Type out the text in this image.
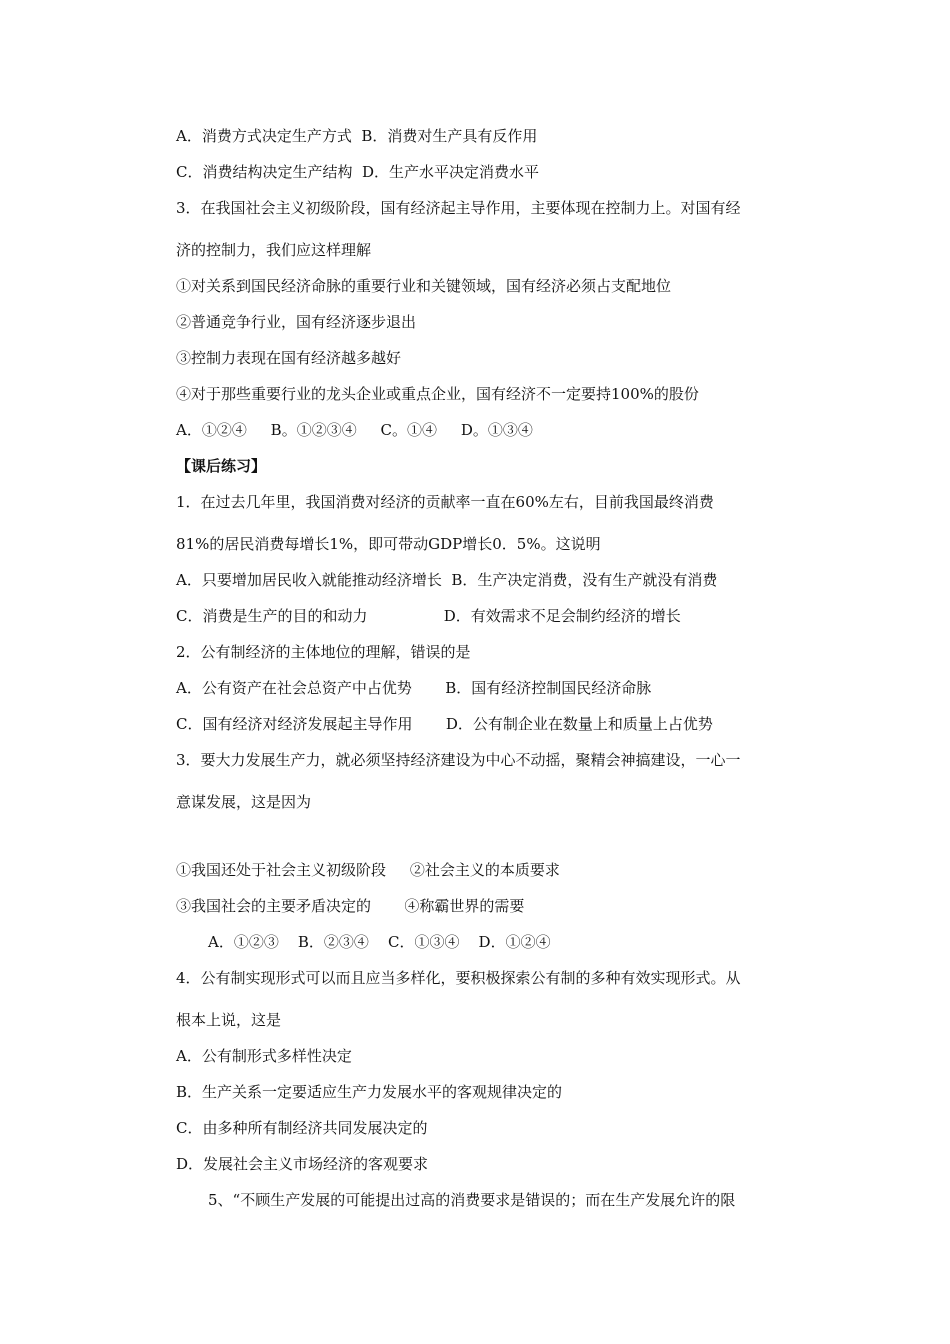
A．消费方式决定生产方式  B．消费对生产具有反作用
C．消费结构决定生产结构  D．生产水平决定消费水平
3．在我国社会主义初级阶段，国有经济起主导作用，主要体现在控制力上。对国有经
济的控制力，我们应这样理解
①对关系到国民经济命脉的重要行业和关键领域，国有经济必须占支配地位
②普通竞争行业，国有经济逐步退出
③控制力表现在国有经济越多越好
④对于那些重要行业的龙头企业或重点企业，国有经济不一定要持100%的股份
A．①②④     B。①②③④     C。①④     D。①③④
【课后练习】
1．在过去几年里，我国消费对经济的贡献率一直在60%左右，目前我国最终消费
81%的居民消费每增长1%，即可带动GDP增长0．5%。这说明
A．只要增加居民收入就能推动经济增长  B．生产决定消费，没有生产就没有消费
C．消费是生产的目的和动力                D．有效需求不足会制约经济的增长
2．公有制经济的主体地位的理解，错误的是
A．公有资产在社会总资产中占优势       B．国有经济控制国民经济命脉
C．国有经济对经济发展起主导作用       D．公有制企业在数量上和质量上占优势
3．要大力发展生产力，就必须坚持经济建设为中心不动摇，聚精会神搞建设，一心一
意谋发展，这是因为
①我国还处于社会主义初级阶段     ②社会主义的本质要求
③我国社会的主要矛盾决定的       ④称霸世界的需要
A．①②③    B．②③④    C．①③④    D．①②④
4．公有制实现形式可以而且应当多样化，要积极探索公有制的多种有效实现形式。从
根本上说，这是
A．公有制形式多样性决定
B．生产关系一定要适应生产力发展水平的客观规律决定的
C．由多种所有制经济共同发展决定的
D．发展社会主义市场经济的客观要求
5、“不顾生产发展的可能提出过高的消费要求是错误的；而在生产发展允许的限
